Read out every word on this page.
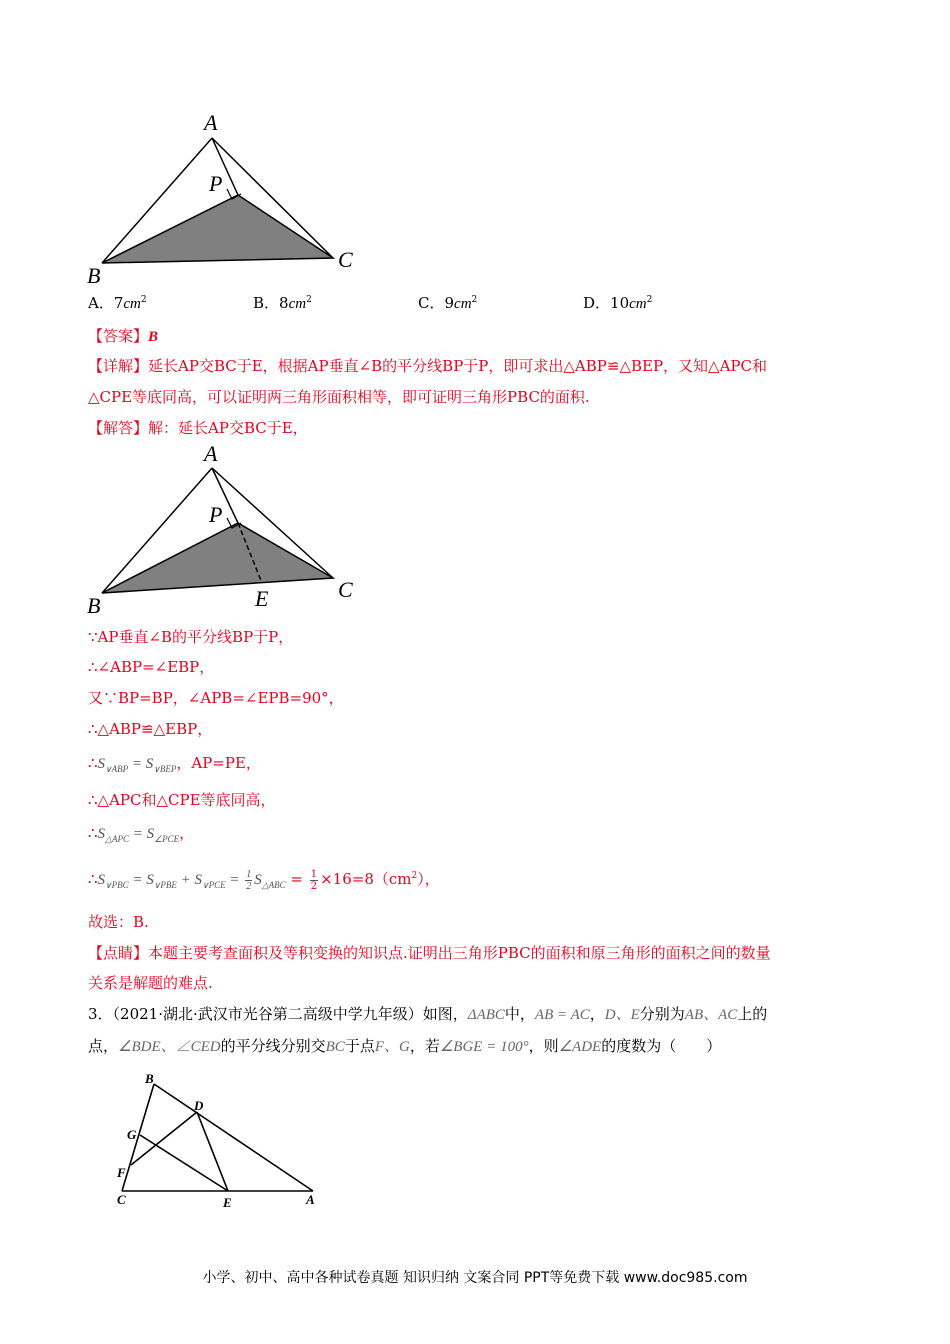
A
B
C
P
A．$7cm^2$	B．$8cm^2$	C．$9cm^2$	D．$10cm^2$
【答案】B
【详解】延长AP交BC于E，根据AP垂直∠B的平分线BP于P，即可求出△ABP≌△BEP，又知△APC和
△CPE等底同高，可以证明两三角形面积相等，即可证明三角形PBC的面积.
【解答】解：延长AP交BC于E，
A
B
C
P
E
∵AP垂直∠B的平分线BP于P，
∴∠ABP=∠EBP，
又∵BP=BP，∠APB=∠EPB=90°，
∴△ABP≌△EBP，
$\therefore S_{\vee ABP} = S_{\vee BEP}$，AP=PE，
∴△APC和△CPE等底同高，
$\therefore S_{\triangle APC} = S_{\angle PCE}$，
$\therefore S_{\vee PBC} = S_{\vee PBE} + S_{\vee PCE} = \frac{1}{2} S_{\triangle ABC} = \frac{1}{2} \times 16=8(cm^2)$，
故选：B.
【点睛】本题主要考查面积及等积变换的知识点.证明出三角形PBC的面积和原三角形的面积之间的数量
关系是解题的难点.
3．（2021·湖北·武汉市光谷第二高级中学九年级）如图，ΔABC中，AB = AC，D、E分别为AB、AC上的
点，∠BDE、∠CED的平分线分别交BC于点F、G，若∠BGE = 100°，则∠ADE的度数为（　　）
B
D
G
F
C	E	A
小学、初中、高中各种试卷真题 知识归纳 文案合同 PPT等免费下载 www.doc985.com
